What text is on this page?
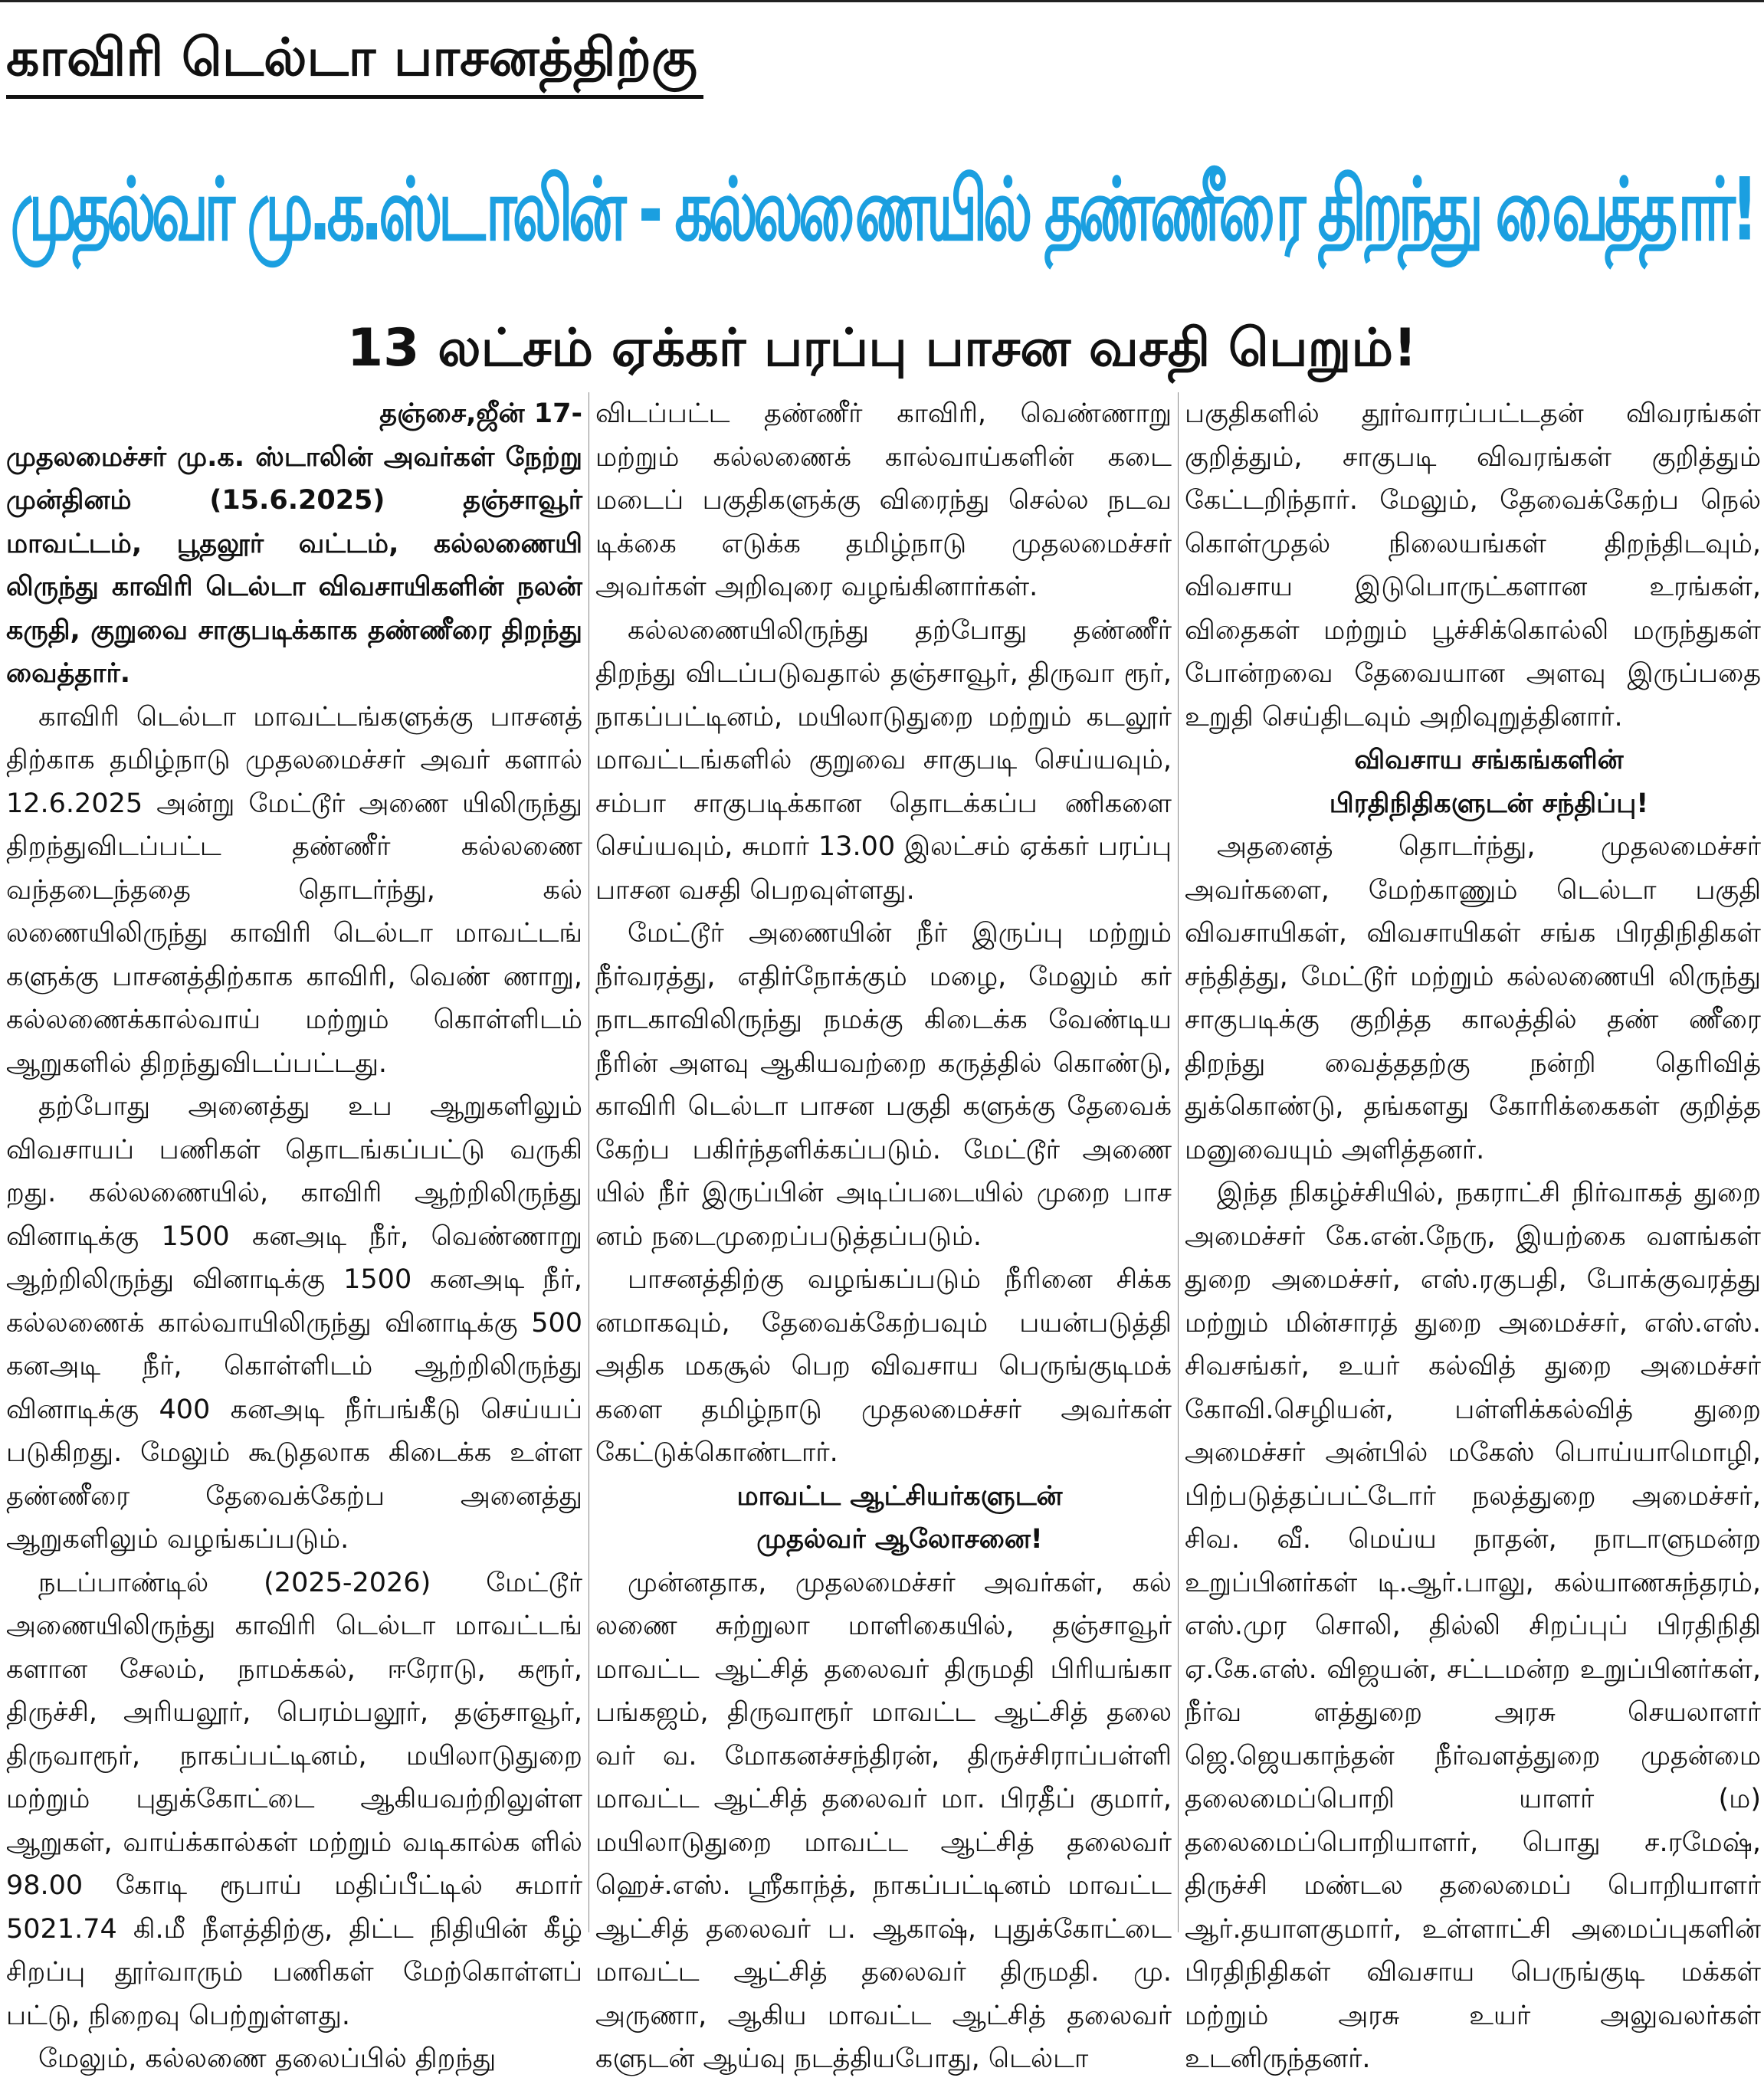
காவிரி டெல்டா பாசனத்திற்கு
முதல்வர் மு.க.ஸ்டாலின் - கல்லணையில் தண்ணீரை திறந்து வைத்தார்!
13 லட்சம் ஏக்கர் பரப்பு பாசன வசதி பெறும்!

தஞ்சை,ஜீன் 17-

முதலமைச்சர் மு.க. ஸ்டாலின் அவர்கள் நேற்று முன்தினம் (15.6.2025) தஞ்சாவூர் மாவட்டம், பூதலூர் வட்டம், கல்லணையி லிருந்து காவிரி டெல்டா விவசாயிகளின் நலன் கருதி, குறுவை சாகுபடிக்காக தண்ணீரை திறந்து வைத்தார்.

காவிரி டெல்டா மாவட்டங்களுக்கு பாசனத் திற்காக தமிழ்நாடு முதலமைச்சர் அவர் களால் 12.6.2025 அன்று மேட்டூர் அணை யிலிருந்து திறந்துவிடப்பட்ட தண்ணீர் கல்லணை வந்தடைந்ததை தொடர்ந்து, கல் லணையிலிருந்து காவிரி டெல்டா மாவட்டங் களுக்கு பாசனத்திற்காக காவிரி, வெண் ணாறு, கல்லணைக்கால்வாய் மற்றும் கொள்ளிடம் ஆறுகளில் திறந்துவிடப்பட்டது.

தற்போது அனைத்து உப ஆறுகளிலும் விவசாயப் பணிகள் தொடங்கப்பட்டு வருகி றது. கல்லணையில், காவிரி ஆற்றிலிருந்து வினாடிக்கு 1500 கனஅடி நீர், வெண்ணாறு ஆற்றிலிருந்து வினாடிக்கு 1500 கனஅடி நீர், கல்லணைக் கால்வாயிலிருந்து வினாடிக்கு 500 கனஅடி நீர், கொள்ளிடம் ஆற்றிலிருந்து வினாடிக்கு 400 கனஅடி நீர்பங்கீடு செய்யப் படுகிறது. மேலும் கூடுதலாக கிடைக்க உள்ள தண்ணீரை தேவைக்கேற்ப அனைத்து ஆறுகளிலும் வழங்கப்படும்.

நடப்பாண்டில் (2025-2026) மேட்டூர் அணையிலிருந்து காவிரி டெல்டா மாவட்டங் களான சேலம், நாமக்கல், ஈரோடு, கரூர், திருச்சி, அரியலூர், பெரம்பலூர், தஞ்சாவூர், திருவாரூர், நாகப்பட்டினம், மயிலாடுதுறை மற்றும் புதுக்கோட்டை ஆகியவற்றிலுள்ள ஆறுகள், வாய்க்கால்கள் மற்றும் வடிகால்க ளில் 98.00 கோடி ரூபாய் மதிப்பீட்டில் சுமார் 5021.74 கி.மீ நீளத்திற்கு, திட்ட நிதியின் கீழ் சிறப்பு தூர்வாரும் பணிகள் மேற்கொள்ளப் பட்டு, நிறைவு பெற்றுள்ளது.

மேலும், கல்லணை தலைப்பில் திறந்து

விடப்பட்ட தண்ணீர் காவிரி, வெண்ணாறு மற்றும் கல்லணைக் கால்வாய்களின் கடை மடைப் பகுதிகளுக்கு விரைந்து செல்ல நடவ டிக்கை எடுக்க தமிழ்நாடு முதலமைச்சர் அவர்கள் அறிவுரை வழங்கினார்கள்.

கல்லணையிலிருந்து தற்போது தண்ணீர் திறந்து விடப்படுவதால் தஞ்சாவூர், திருவா ரூர், நாகப்பட்டினம், மயிலாடுதுறை மற்றும் கடலூர் மாவட்டங்களில் குறுவை சாகுபடி செய்யவும், சம்பா சாகுபடிக்கான தொடக்கப்ப ணிகளை செய்யவும், சுமார் 13.00 இலட்சம் ஏக்கர் பரப்பு பாசன வசதி பெறவுள்ளது.

மேட்டூர் அணையின் நீர் இருப்பு மற்றும் நீர்வரத்து, எதிர்நோக்கும் மழை, மேலும் கர் நாடகாவிலிருந்து நமக்கு கிடைக்க வேண்டிய நீரின் அளவு ஆகியவற்றை கருத்தில் கொண்டு, காவிரி டெல்டா பாசன பகுதி களுக்கு தேவைக் கேற்ப பகிர்ந்தளிக்கப்படும். மேட்டூர் அணை யில் நீர் இருப்பின் அடிப்படையில் முறை பாச னம் நடைமுறைப்படுத்தப்படும்.

பாசனத்திற்கு வழங்கப்படும் நீரினை சிக்க னமாகவும், தேவைக்கேற்பவும் பயன்படுத்தி அதிக மகசூல் பெற விவசாய பெருங்குடிமக் களை தமிழ்நாடு முதலமைச்சர் அவர்கள் கேட்டுக்கொண்டார்.

மாவட்ட ஆட்சியர்களுடன்

முதல்வர் ஆலோசனை!

முன்னதாக, முதலமைச்சர் அவர்கள், கல் லணை சுற்றுலா மாளிகையில், தஞ்சாவூர் மாவட்ட ஆட்சித் தலைவர் திருமதி பிரியங்கா பங்கஜம், திருவாரூர் மாவட்ட ஆட்சித் தலை வர் வ. மோகனச்சந்திரன், திருச்சிராப்பள்ளி மாவட்ட ஆட்சித் தலைவர் மா. பிரதீப் குமார், மயிலாடுதுறை மாவட்ட ஆட்சித் தலைவர் ஹெச்.எஸ். ஸ்ரீகாந்த், நாகப்பட்டினம் மாவட்ட ஆட்சித் தலைவர் ப. ஆகாஷ், புதுக்கோட்டை மாவட்ட ஆட்சித் தலைவர் திருமதி. மு. அருணா, ஆகிய மாவட்ட ஆட்சித் தலைவர் களுடன் ஆய்வு நடத்தியபோது, டெல்டா

பகுதிகளில் தூர்வாரப்பட்டதன் விவரங்கள் குறித்தும், சாகுபடி விவரங்கள் குறித்தும் கேட்டறிந்தார். மேலும், தேவைக்கேற்ப நெல் கொள்முதல் நிலையங்கள் திறந்திடவும், விவசாய இடுபொருட்களான உரங்கள், விதைகள் மற்றும் பூச்சிக்கொல்லி மருந்துகள் போன்றவை தேவையான அளவு இருப்பதை உறுதி செய்திடவும் அறிவுறுத்தினார்.

விவசாய சங்கங்களின்

பிரதிநிதிகளுடன் சந்திப்பு!

அதனைத் தொடர்ந்து, முதலமைச்சர் அவர்களை, மேற்காணும் டெல்டா பகுதி விவசாயிகள், விவசாயிகள் சங்க பிரதிநிதிகள் சந்தித்து, மேட்டூர் மற்றும் கல்லணையி லிருந்து சாகுபடிக்கு குறித்த காலத்தில் தண் ணீரை திறந்து வைத்ததற்கு நன்றி தெரிவித் துக்கொண்டு, தங்களது கோரிக்கைகள் குறித்த மனுவையும் அளித்தனர்.

இந்த நிகழ்ச்சியில், நகராட்சி நிர்வாகத் துறை அமைச்சர் கே.என்.நேரு, இயற்கை வளங்கள் துறை அமைச்சர், எஸ்.ரகுபதி, போக்குவரத்து மற்றும் மின்சாரத் துறை அமைச்சர், எஸ்.எஸ். சிவசங்கர், உயர் கல்வித் துறை அமைச்சர் கோவி.செழியன், பள்ளிக்கல்வித் துறை அமைச்சர் அன்பில் மகேஸ் பொய்யாமொழி, பிற்படுத்தப்பட்டோர் நலத்துறை அமைச்சர், சிவ. வீ. மெய்ய நாதன், நாடாளுமன்ற உறுப்பினர்கள் டி.ஆர்.பாலு, கல்யாணசுந்தரம், எஸ்.முர சொலி, தில்லி சிறப்புப் பிரதிநிதி ஏ.கே.எஸ். விஜயன், சட்டமன்ற உறுப்பினர்கள், நீர்வ ளத்துறை அரசு செயலாளர் ஜெ.ஜெயகாந்தன் நீர்வளத்துறை முதன்மை தலைமைப்பொறி யாளர் (ம) தலைமைப்பொறியாளர், பொது ச.ரமேஷ், திருச்சி மண்டல தலைமைப் பொறியாளர் ஆர்.தயாளகுமார், உள்ளாட்சி அமைப்புகளின் பிரதிநிதிகள் விவசாய பெருங்குடி மக்கள் மற்றும் அரசு உயர் அலுவலர்கள் உடனிருந்தனர்.
